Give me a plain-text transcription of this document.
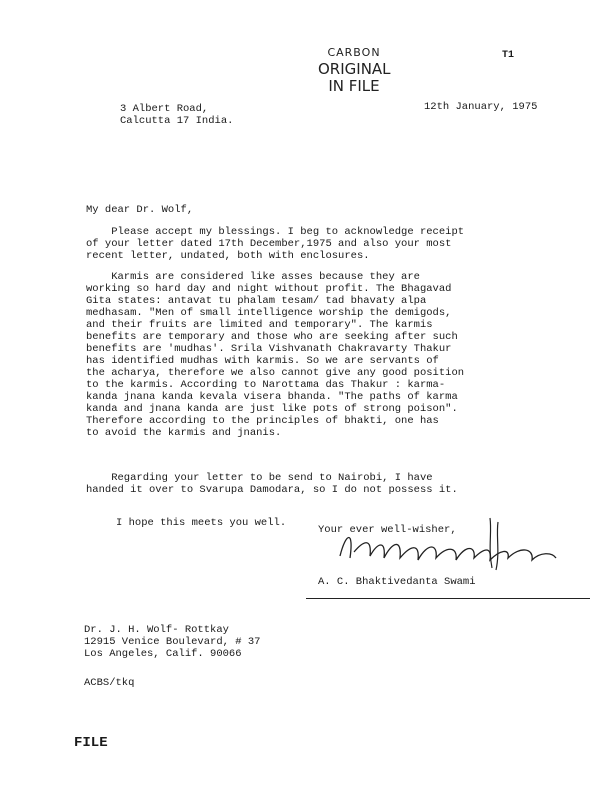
CARBON
ORIGINAL
IN FILE
T1
3 Albert Road,
Calcutta 17 India.
12th January, 1975
My dear Dr. Wolf,
Please accept my blessings. I beg to acknowledge receipt
of your letter dated 17th December,1975 and also your most
recent letter, undated, both with enclosures.
Karmis are considered like asses because they are
working so hard day and night without profit. The Bhagavad
Gita states: antavat tu phalam tesam/ tad bhavaty alpa
medhasam. "Men of small intelligence worship the demigods,
and their fruits are limited and temporary". The karmis
benefits are temporary and those who are seeking after such
benefits are 'mudhas'. Srila Vishvanath Chakravarty Thakur
has identified mudhas with karmis. So we are servants of
the acharya, therefore we also cannot give any good position
to the karmis. According to Narottama das Thakur : karma-
kanda jnana kanda kevala visera bhanda. "The paths of karma
kanda and jnana kanda are just like pots of strong poison".
Therefore according to the principles of bhakti, one has
to avoid the karmis and jnanis.
Regarding your letter to be send to Nairobi, I have
handed it over to Svarupa Damodara, so I do not possess it.
I hope this meets you well.
Your ever well-wisher,
A. C. Bhaktivedanta Swami
Dr. J. H. Wolf- Rottkay
12915 Venice Boulevard, # 37
Los Angeles, Calif. 90066
ACBS/tkq
FILE
